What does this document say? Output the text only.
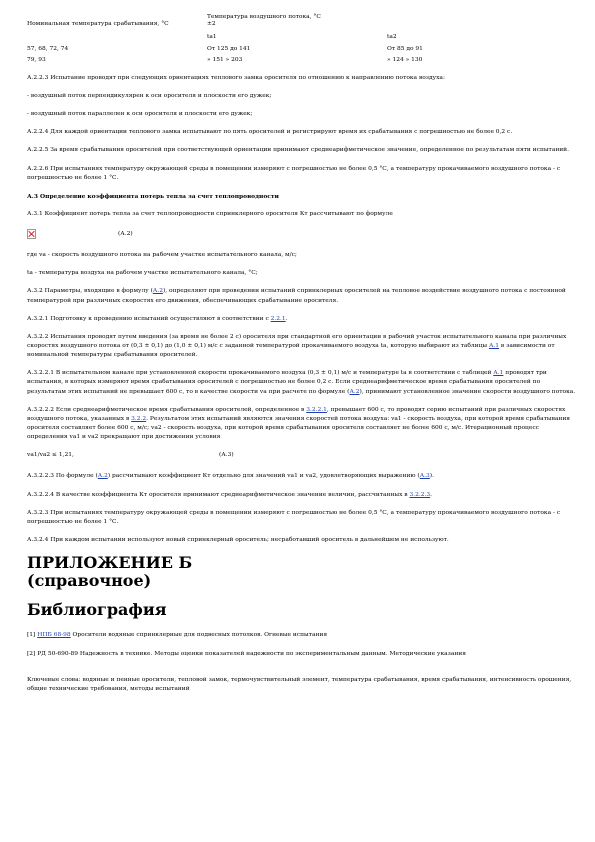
Номинальная температура срабатывания, °С	Температура воздушного потока, °С
±2	

	ta1	ta2
57, 68, 72, 74	От 125 до 141	От 85 до 91
79, 93	» 151 » 203	» 124 » 130

А.2.2.3 Испытание проводят при следующих ориентациях теплового замка оросителя по отношению к направлению потока воздуха:

- воздушный поток перпендикулярен к оси оросителя и плоскости его дужек;

- воздушный поток параллелен к оси оросителя и плоскости его дужек;

А.2.2.4 Для каждой ориентации теплового замка испытывают по пять оросителей и регистрируют время их срабатывания с погрешностью не более 0,2 с.

А.2.2.5 За время срабатывания оросителей при соответствующей ориентации принимают среднеарифметическое значение, определенное по результатам пяти испытаний.

А.2.2.6 При испытаниях температуру окружающей среды в помещении измеряют с погрешностью не более 0,5 °С, а температуру прокачиваемого воздушного потока - с погрешностью не более 1 °С.

А.3 Определение коэффициента потерь тепла за счет теплопроводности

А.3.1 Коэффициент потерь тепла за счет теплопроводности спринклерного оросителя Кт рассчитывают по формуле

(А.2)

где va - скорость воздушного потока на рабочем участке испытательного канала, м/с;

ta - температура воздуха на рабочем участке испытательного канала, °С;

А.3.2 Параметры, входящие в формулу (А.2), определяют при проведении испытаний спринклерных оросителей на тепловое воздействие воздушного потока с постоянной температурой при различных скоростях его движения, обеспечивающих срабатывание оросителя.

А.3.2.1 Подготовку к проведению испытаний осуществляют в соответствии с 2.2.1.

А.3.2.2 Испытания проводят путем введения (за время не более 2 с) оросителя при стандартной его ориентации в рабочий участок испытательного канала при различных скоростях воздушного потока от (0,3 ± 0,1) до (1,0 ± 0,1) м/с с заданной температурой прокачиваемого воздуха ta, которую выбирают из таблицы А.1 в зависимости от номинальной температуры срабатывания оросителей.

А.3.2.2.1 В испытательном канале при установленной скорости прокачиваемого воздуха (0,3 ± 0,1) м/с и температуре ta в соответствии с таблицей А.1 проводят три испытания, в которых измеряют время срабатывания оросителей с погрешностью не более 0,2 с. Если среднеарифметическое время срабатывания оросителей по результатам этих испытаний не превышает 600 с, то в качестве скорости va при расчете по формуле (А.2), принимают установленное значение скорости воздушного потока.

А.3.2.2.2 Если среднеарифметическое время срабатывания оросителей, определенное в 3.2.2.1, превышает 600 с, то проводят серию испытаний при различных скоростях воздушного потока, указанных в 3.2.2. Результатом этих испытаний являются значения скоростей потока воздуха: va1 - скорость воздуха, при которой время срабатывания оросителя составляет более 600 с, м/с; va2 - скорость воздуха, при которой время срабатывания оросителя составляет не более 600 с, м/с. Итерационный процесс определения va1 и va2 прекращают при достижении условия

va1/va2 ≤ 1,21,	(А.3)

А.3.2.2.3 По формуле (А.2) рассчитывают коэффициент Кт отдельно для значений va1 и va2, удовлетворяющих выражению (А.3).

А.3.2.2.4 В качестве коэффициента Кт оросителя принимают среднеарифметическое значение величин, рассчитанных в 3.2.2.3.

А.3.2.3 При испытаниях температуру окружающей среды в помещении измеряют с погрешностью не более 0,5 °С, а температуру прокачиваемого воздушного потока - с погрешностью не более 1 °С.

А.3.2.4 При каждом испытании используют новый спринклерный ороситель; несработавший ороситель в дальнейшем не используют.

ПРИЛОЖЕНИЕ Б
(справочное)
Библиография

[1] НПБ 68-98 Оросители водяные спринклерные для подвесных потолков. Огневые испытания

[2] РД 50-690-89 Надежность в технике. Методы оценки показателей надежности по экспериментальным данным. Методические указания

Ключевые слова: водяные и пенные оросители, тепловой замок, термочувствительный элемент, температура срабатывания, время срабатывания, интенсивность орошения, общие технические требования, методы испытаний
